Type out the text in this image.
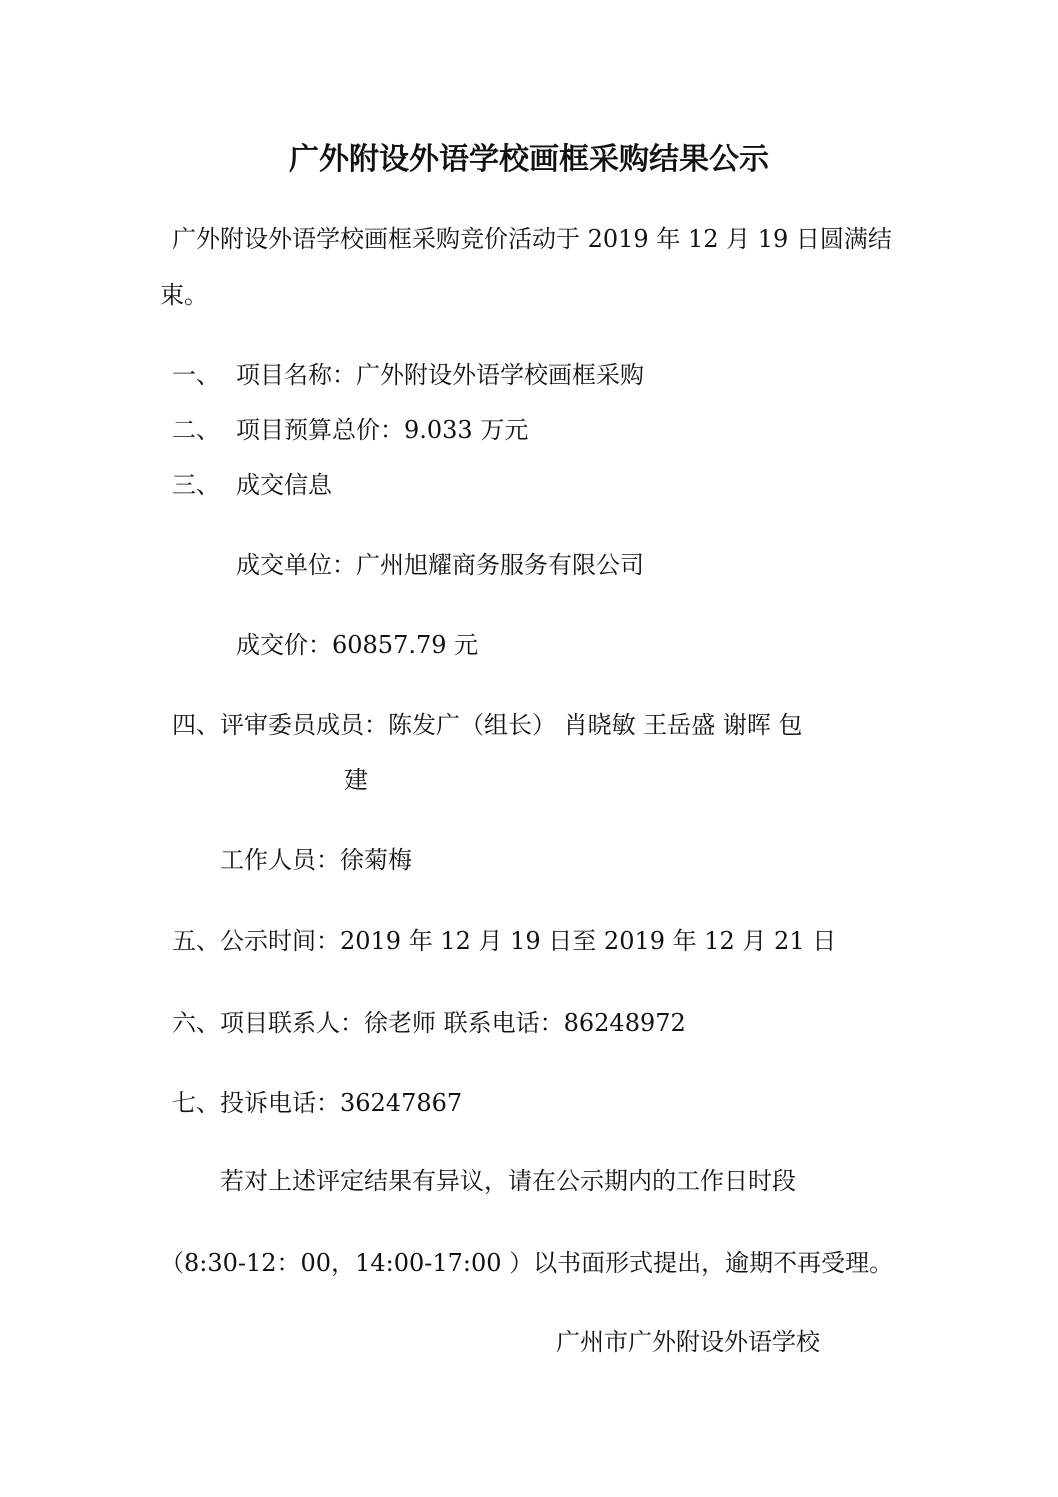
广外附设外语学校画框采购结果公示
广外附设外语学校画框采购竞价活动于 2019 年 12 月 19 日圆满结
束。
一、 项目名称：广外附设外语学校画框采购
二、 项目预算总价：9.033 万元
三、 成交信息
成交单位：广州旭耀商务服务有限公司
成交价：60857.79 元
四、评审委员成员：陈发广（组长） 肖晓敏 王岳盛 谢晖 包
建
工作人员：徐菊梅
五、公示时间：2019 年 12 月 19 日至 2019 年 12 月 21 日
六、项目联系人：徐老师 联系电话：86248972
七、投诉电话：36247867
若对上述评定结果有异议，请在公示期内的工作日时段
（8:30-12：00，14:00-17:00 ）以书面形式提出，逾期不再受理。
广州市广外附设外语学校
